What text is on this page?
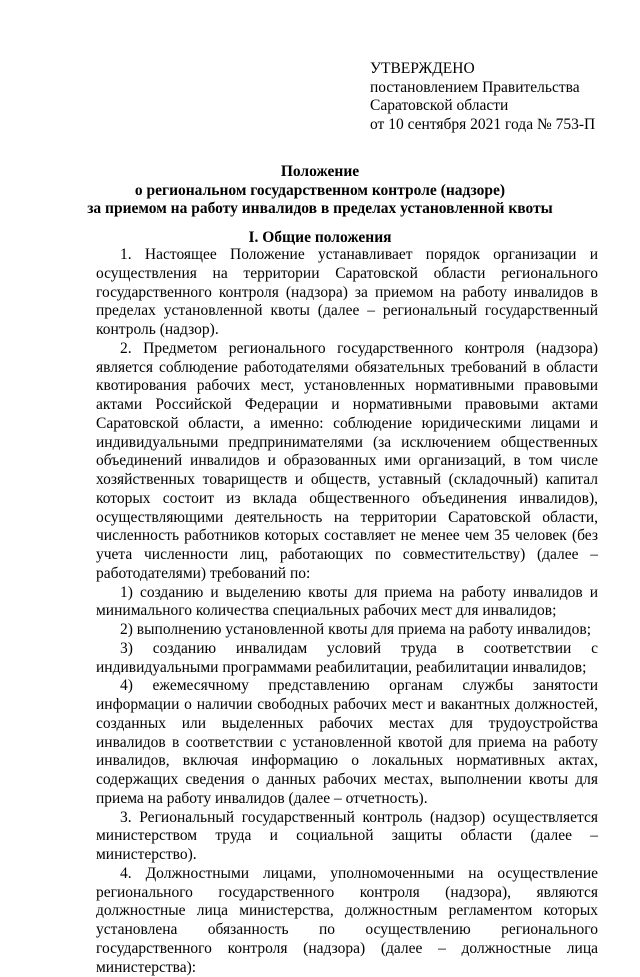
УТВЕРЖДЕНО
постановлением Правительства
Саратовской области
от 10 сентября 2021 года № 753-П
Положение
о региональном государственном контроле (надзоре)
за приемом на работу инвалидов в пределах установленной квоты
I. Общие положения

1. Настоящее Положение устанавливает порядок организации и осуществления на территории Саратовской области регионального государственного контроля (надзора) за приемом на работу инвалидов в пределах установленной квоты (далее – региональный государственный контроль (надзор).

2. Предметом регионального государственного контроля (надзора) является соблюдение работодателями обязательных требований в области квотирования рабочих мест, установленных нормативными правовыми актами Российской Федерации и нормативными правовыми актами Саратовской области, а именно: соблюдение юридическими лицами и индивидуальными предпринимателями (за исключением общественных объединений инвалидов и образованных ими организаций, в том числе хозяйственных товариществ и обществ, уставный (складочный) капитал которых состоит из вклада общественного объединения инвалидов), осуществляющими деятельность на территории Саратовской области, численность работников которых составляет не менее чем 35 человек (без учета численности лиц, работающих по совместительству) (далее – работодателями) требований по:

1) созданию и выделению квоты для приема на работу инвалидов и минимального количества специальных рабочих мест для инвалидов;

2) выполнению установленной квоты для приема на работу инвалидов;

3) созданию инвалидам условий труда в соответствии с индивидуальными программами реабилитации, реабилитации инвалидов;

4) ежемесячному представлению органам службы занятости информации о наличии свободных рабочих мест и вакантных должностей, созданных или выделенных рабочих местах для трудоустройства инвалидов в соответствии с установленной квотой для приема на работу инвалидов, включая информацию о локальных нормативных актах, содержащих сведения о данных рабочих местах, выполнении квоты для приема на работу инвалидов (далее – отчетность).

3. Региональный государственный контроль (надзор) осуществляется министерством труда и социальной защиты области (далее – министерство).

4. Должностными лицами, уполномоченными на осуществление регионального государственного контроля (надзора), являются должностные лица министерства, должностным регламентом которых установлена обязанность по осуществлению регионального государственного контроля (надзора) (далее – должностные лица министерства):
